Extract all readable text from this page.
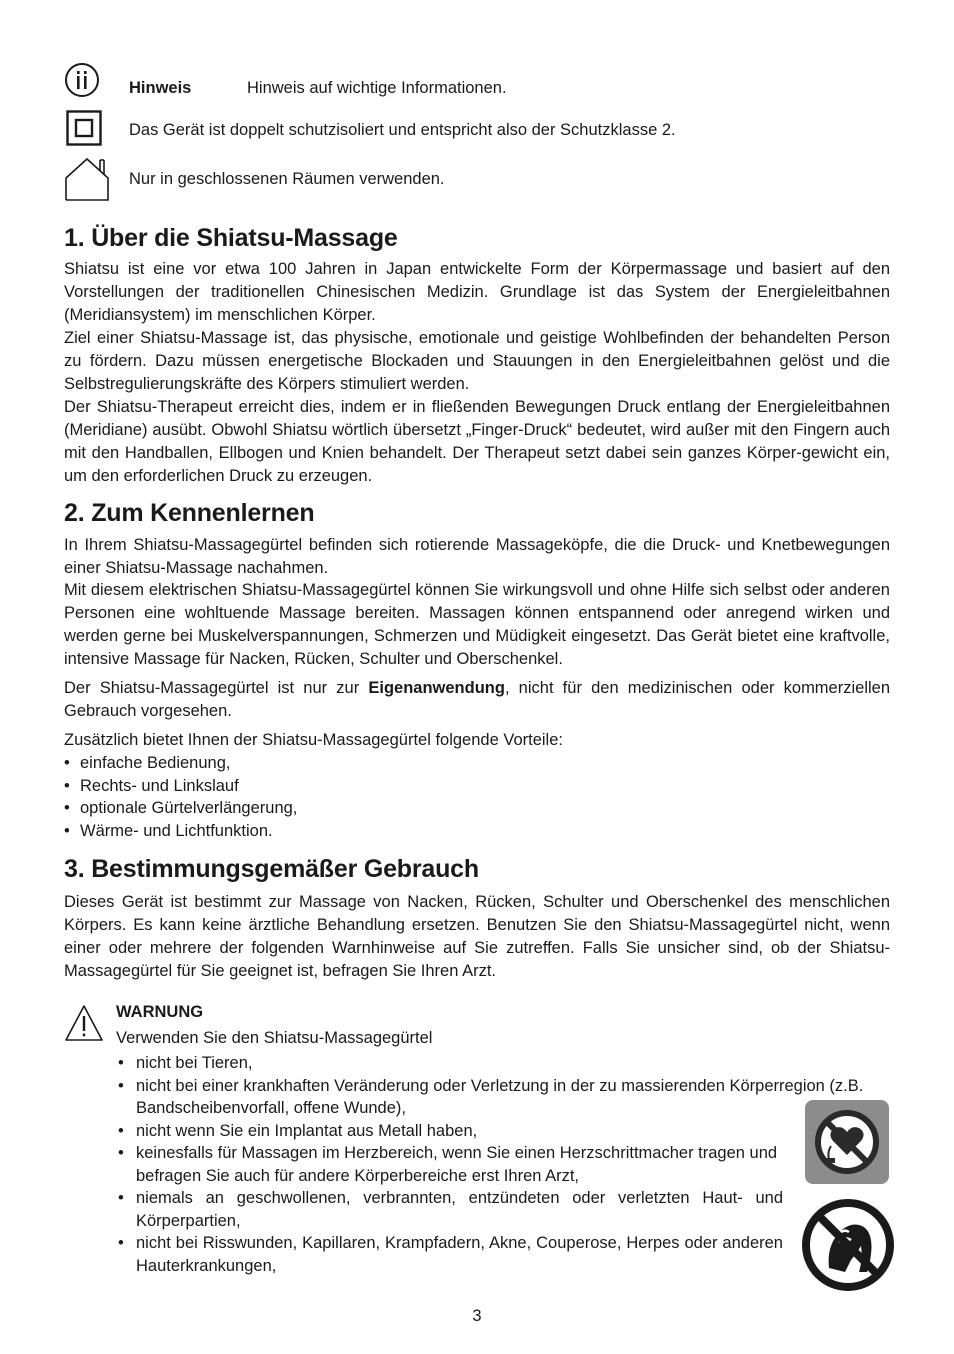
Hinweis	Hinweis auf wichtige Informationen.
Das Gerät ist doppelt schutzisoliert und entspricht also der Schutzklasse 2.
Nur in geschlossenen Räumen verwenden.
1. Über die Shiatsu-Massage

Shiatsu ist eine vor etwa 100 Jahren in Japan entwickelte Form der Körpermassage und basiert auf den Vorstellungen der traditionellen Chinesischen Medizin. Grundlage ist das System der Energieleitbahnen (Meridiansystem) im menschlichen Körper.

Ziel einer Shiatsu-Massage ist, das physische, emotionale und geistige Wohlbefinden der behandelten Person zu fördern. Dazu müssen energetische Blockaden und Stauungen in den Energieleitbahnen gelöst und die Selbstregulierungskräfte des Körpers stimuliert werden.

Der Shiatsu-Therapeut erreicht dies, indem er in fließenden Bewegungen Druck entlang der Energieleitbahnen (Meridiane) ausübt. Obwohl Shiatsu wörtlich übersetzt „Finger-Druck“ bedeutet, wird außer mit den Fingern auch mit den Handballen, Ellbogen und Knien behandelt. Der Therapeut setzt dabei sein ganzes Körper-gewicht ein, um den erforderlichen Druck zu erzeugen.

2. Zum Kennenlernen

In Ihrem Shiatsu-Massagegürtel befinden sich rotierende Massageköpfe, die die Druck- und Knetbewegungen einer Shiatsu-Massage nachahmen.

Mit diesem elektrischen Shiatsu-Massagegürtel können Sie wirkungsvoll und ohne Hilfe sich selbst oder anderen Personen eine wohltuende Massage bereiten. Massagen können entspannend oder anregend wirken und werden gerne bei Muskelverspannungen, Schmerzen und Müdigkeit eingesetzt. Das Gerät bietet eine kraftvolle, intensive Massage für Nacken, Rücken, Schulter und Oberschenkel.

Der Shiatsu-Massagegürtel ist nur zur Eigenanwendung, nicht für den medizinischen oder kommerziellen Gebrauch vorgesehen.

Zusätzlich bietet Ihnen der Shiatsu-Massagegürtel folgende Vorteile:

• einfache Bedienung,
• Rechts- und Linkslauf
• optionale Gürtelverlängerung,
• Wärme- und Lichtfunktion.
3. Bestimmungsgemäßer Gebrauch

Dieses Gerät ist bestimmt zur Massage von Nacken, Rücken, Schulter und Oberschenkel des menschlichen Körpers. Es kann keine ärztliche Behandlung ersetzen. Benutzen Sie den Shiatsu-Massagegürtel nicht, wenn einer oder mehrere der folgenden Warnhinweise auf Sie zutreffen. Falls Sie unsicher sind, ob der Shiatsu-Massagegürtel für Sie geeignet ist, befragen Sie Ihren Arzt.

WARNUNG
Verwenden Sie den Shiatsu-Massagegürtel
• nicht bei Tieren,
• nicht bei einer krankhaften Veränderung oder Verletzung in der zu massierenden Körperregion (z.B. Bandscheibenvorfall, offene Wunde),
• nicht wenn Sie ein Implantat aus Metall haben,
• keinesfalls für Massagen im Herzbereich, wenn Sie einen Herzschrittmacher tragen und befragen Sie auch für andere Körperbereiche erst Ihren Arzt,
• niemals an geschwollenen, verbrannten, entzündeten oder verletzten Haut- und Körperpartien,
• nicht bei Risswunden, Kapillaren, Krampfadern, Akne, Couperose, Herpes oder anderen Hauterkrankungen,
3
